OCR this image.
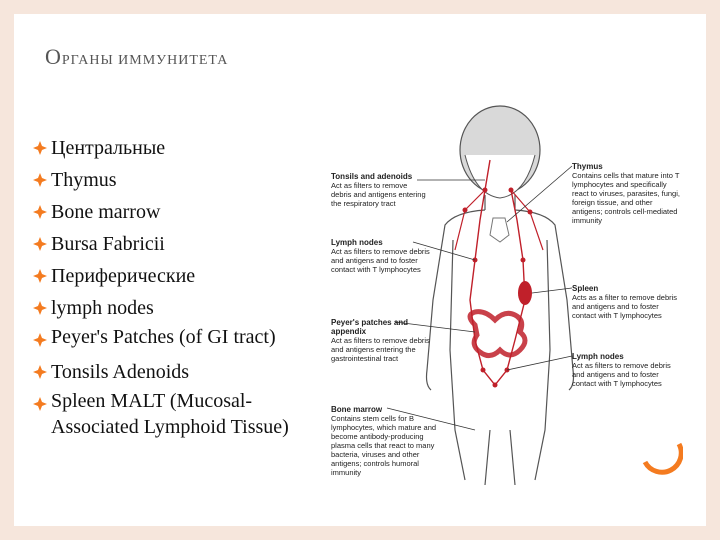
ОРГАНЫ ИММУНИТЕТА
Центральные
Thymus
Bone marrow
Bursa Fabricii
Периферические
lymph nodes
Peyer's Patches (of GI tract)
Tonsils Adenoids
Spleen MALT (Mucosal-Associated Lymphoid Tissue)
Tonsils and adenoids
Act as filters to remove debris and antigens entering the respiratory tract
Lymph nodes
Act as filters to remove debris and antigens and to foster contact with T lymphocytes
Peyer's patches and appendix
Act as filters to remove debris and antigens entering the gastrointestinal tract
Bone marrow
Contains stem cells for B lymphocytes, which mature and become antibody-producing plasma cells that react to many bacteria, viruses and other antigens; controls humoral immunity
Thymus
Contains cells that mature into T lymphocytes and specifically react to viruses, parasites, fungi, foreign tissue, and other antigens; controls cell-mediated immunity
Spleen
Acts as a filter to remove debris and antigens and to foster contact with T lymphocytes
Lymph nodes
Act as filters to remove debris and antigens and to foster contact with T lymphocytes
